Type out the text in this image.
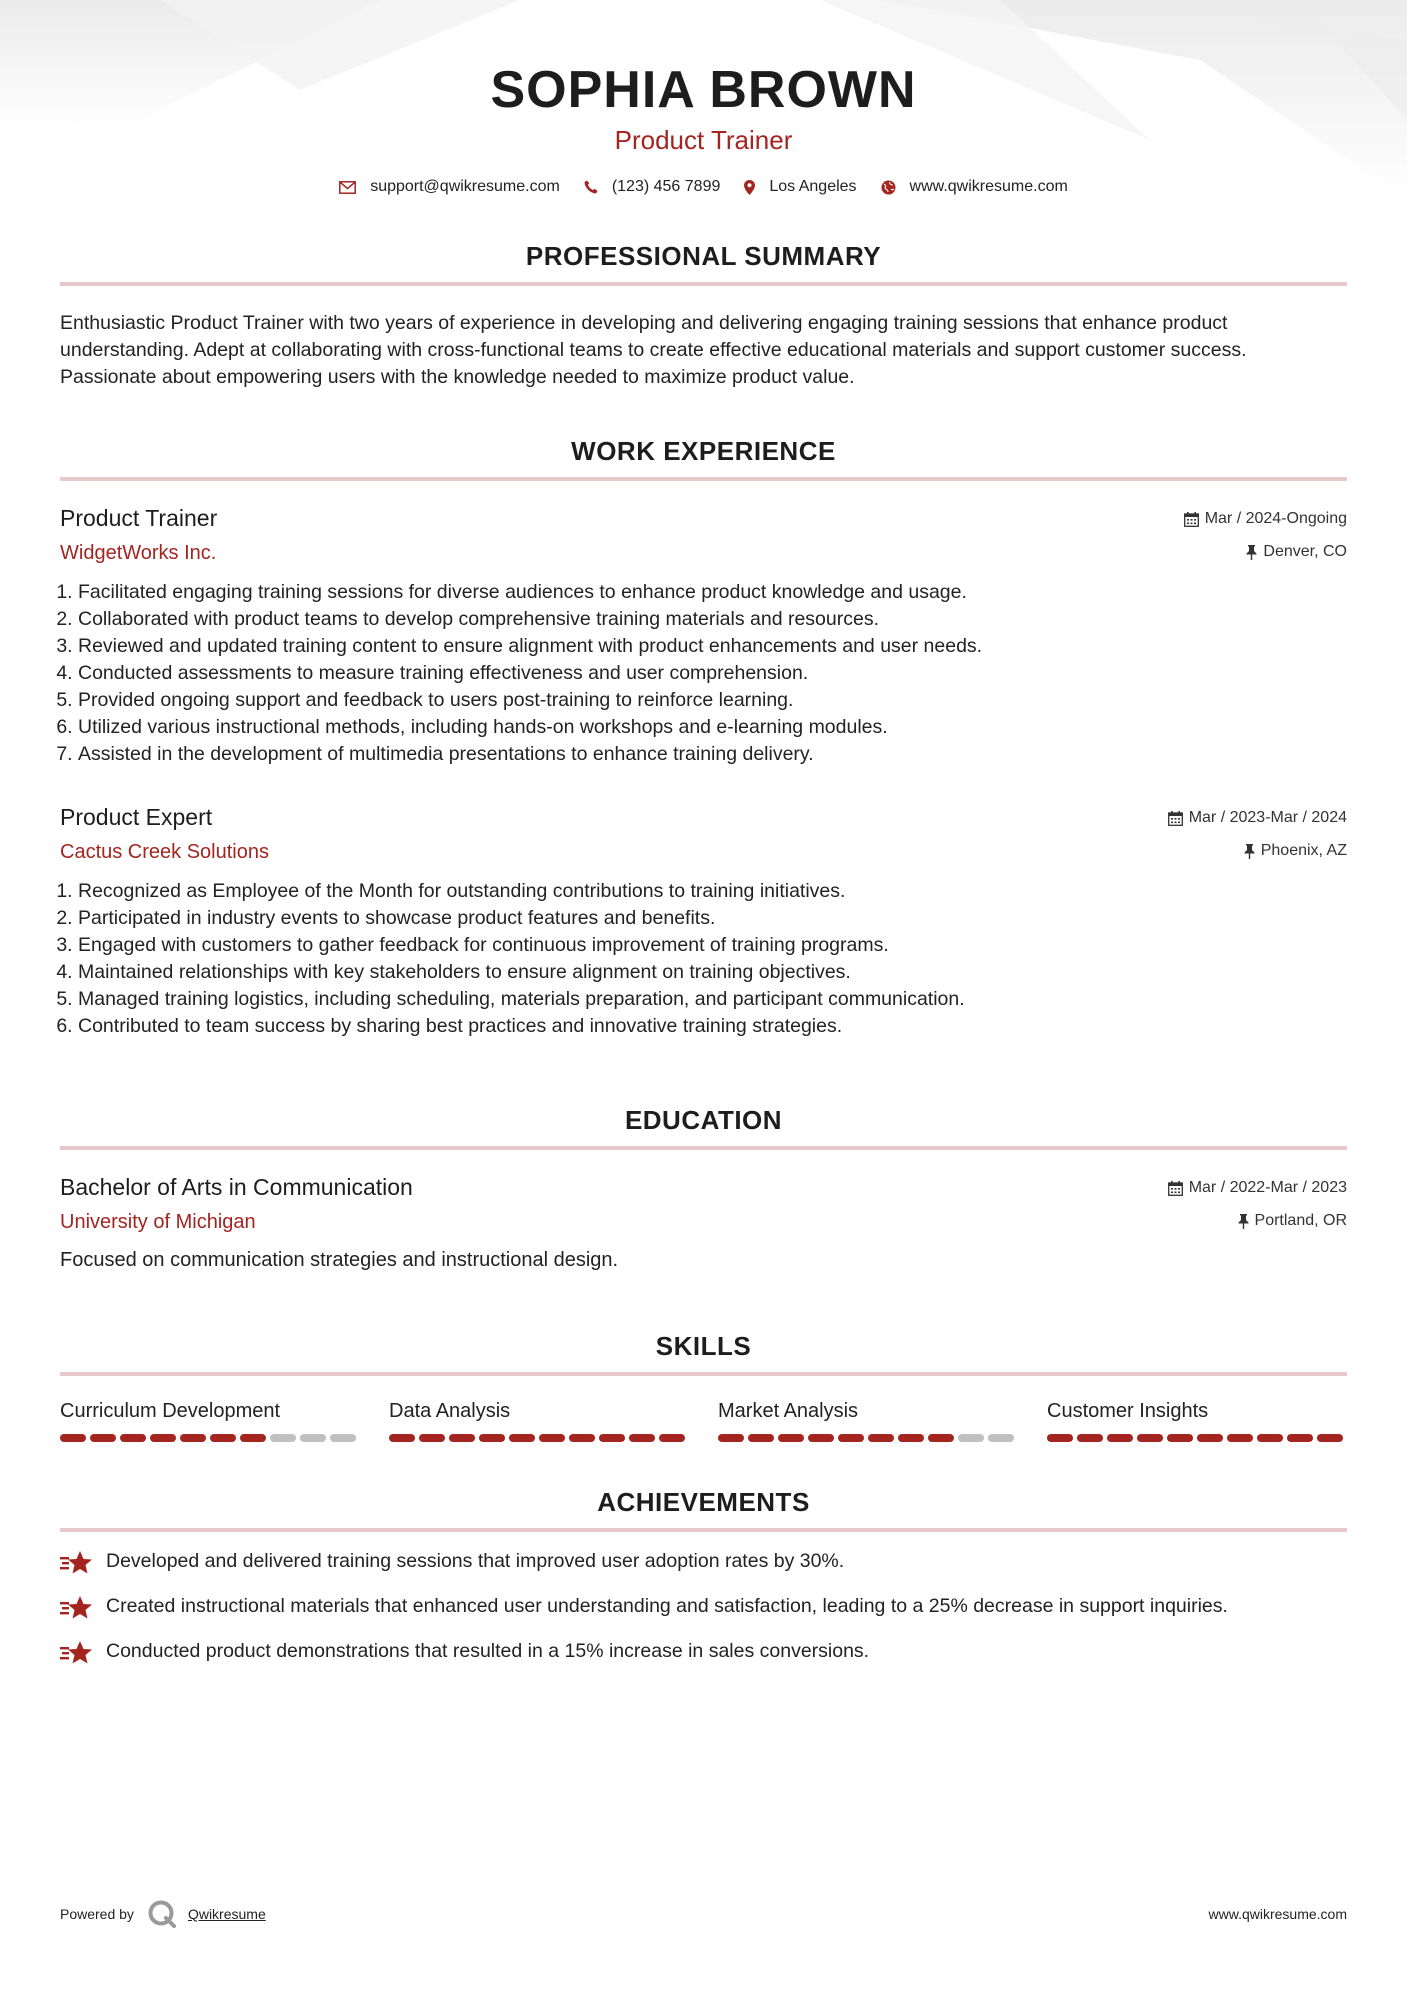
SOPHIA BROWN
Product Trainer
support@qwikresume.com	(123) 456 7899	Los Angeles	www.qwikresume.com
PROFESSIONAL SUMMARY
Enthusiastic Product Trainer with two years of experience in developing and delivering engaging training sessions that enhance product understanding. Adept at collaborating with cross-functional teams to create effective educational materials and support customer success. Passionate about empowering users with the knowledge needed to maximize product value.
WORK EXPERIENCE
Product Trainer
WidgetWorks Inc.
Mar / 2024-Ongoing
Denver, CO
1. Facilitated engaging training sessions for diverse audiences to enhance product knowledge and usage.
2. Collaborated with product teams to develop comprehensive training materials and resources.
3. Reviewed and updated training content to ensure alignment with product enhancements and user needs.
4. Conducted assessments to measure training effectiveness and user comprehension.
5. Provided ongoing support and feedback to users post-training to reinforce learning.
6. Utilized various instructional methods, including hands-on workshops and e-learning modules.
7. Assisted in the development of multimedia presentations to enhance training delivery.
Product Expert
Cactus Creek Solutions
Mar / 2023-Mar / 2024
Phoenix, AZ
1. Recognized as Employee of the Month for outstanding contributions to training initiatives.
2. Participated in industry events to showcase product features and benefits.
3. Engaged with customers to gather feedback for continuous improvement of training programs.
4. Maintained relationships with key stakeholders to ensure alignment on training objectives.
5. Managed training logistics, including scheduling, materials preparation, and participant communication.
6. Contributed to team success by sharing best practices and innovative training strategies.
EDUCATION
Bachelor of Arts in Communication
University of Michigan
Mar / 2022-Mar / 2023
Portland, OR
Focused on communication strategies and instructional design.
SKILLS
Curriculum Development	Data Analysis	Market Analysis	Customer Insights
ACHIEVEMENTS
Developed and delivered training sessions that improved user adoption rates by 30%.
Created instructional materials that enhanced user understanding and satisfaction, leading to a 25% decrease in support inquiries.
Conducted product demonstrations that resulted in a 15% increase in sales conversions.
Powered by	Qwikresume	www.qwikresume.com
